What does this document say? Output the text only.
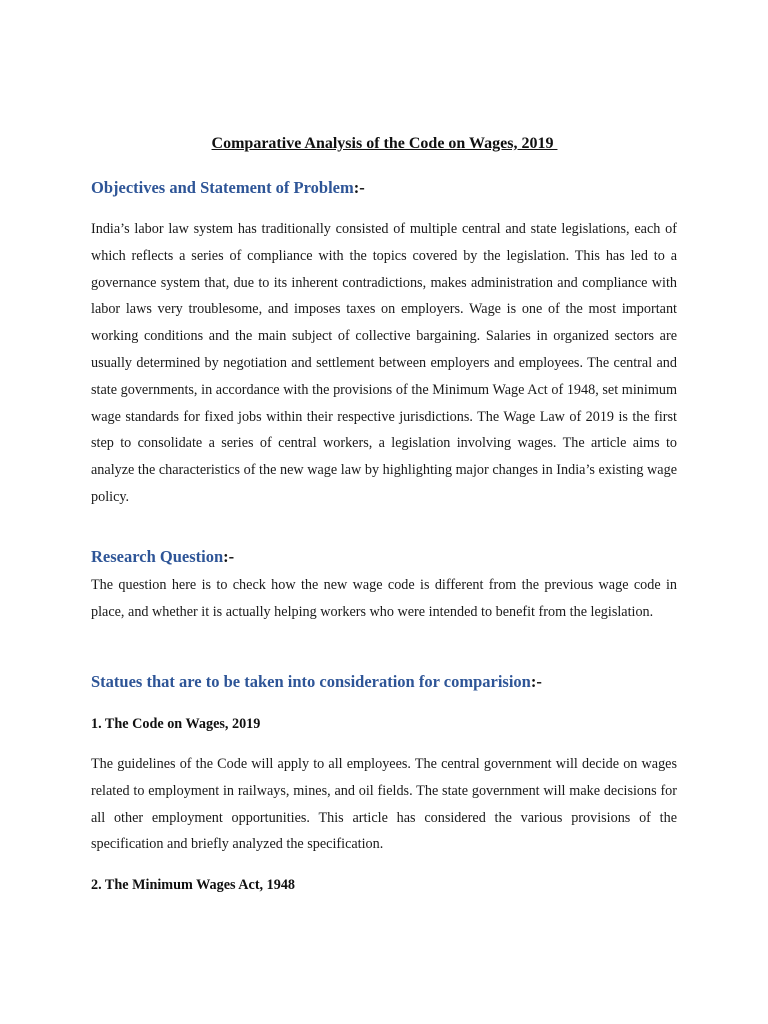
Comparative Analysis of the Code on Wages, 2019
Objectives and Statement of Problem:-
India’s labor law system has traditionally consisted of multiple central and state legislations, each of which reflects a series of compliance with the topics covered by the legislation. This has led to a governance system that, due to its inherent contradictions, makes administration and compliance with labor laws very troublesome, and imposes taxes on employers. Wage is one of the most important working conditions and the main subject of collective bargaining. Salaries in organized sectors are usually determined by negotiation and settlement between employers and employees. The central and state governments, in accordance with the provisions of the Minimum Wage Act of 1948, set minimum wage standards for fixed jobs within their respective jurisdictions. The Wage Law of 2019 is the first step to consolidate a series of central workers, a legislation involving wages. The article aims to analyze the characteristics of the new wage law by highlighting major changes in India’s existing wage policy.
Research Question:-
The question here is to check how the new wage code is different from the previous wage code in place, and whether it is actually helping workers who were intended to benefit from the legislation.
Statues that are to be taken into consideration for comparision:-
1. The Code on Wages, 2019
The guidelines of the Code will apply to all employees. The central government will decide on wages related to employment in railways, mines, and oil fields. The state government will make decisions for all other employment opportunities. This article has considered the various provisions of the specification and briefly analyzed the specification.
2. The Minimum Wages Act, 1948
